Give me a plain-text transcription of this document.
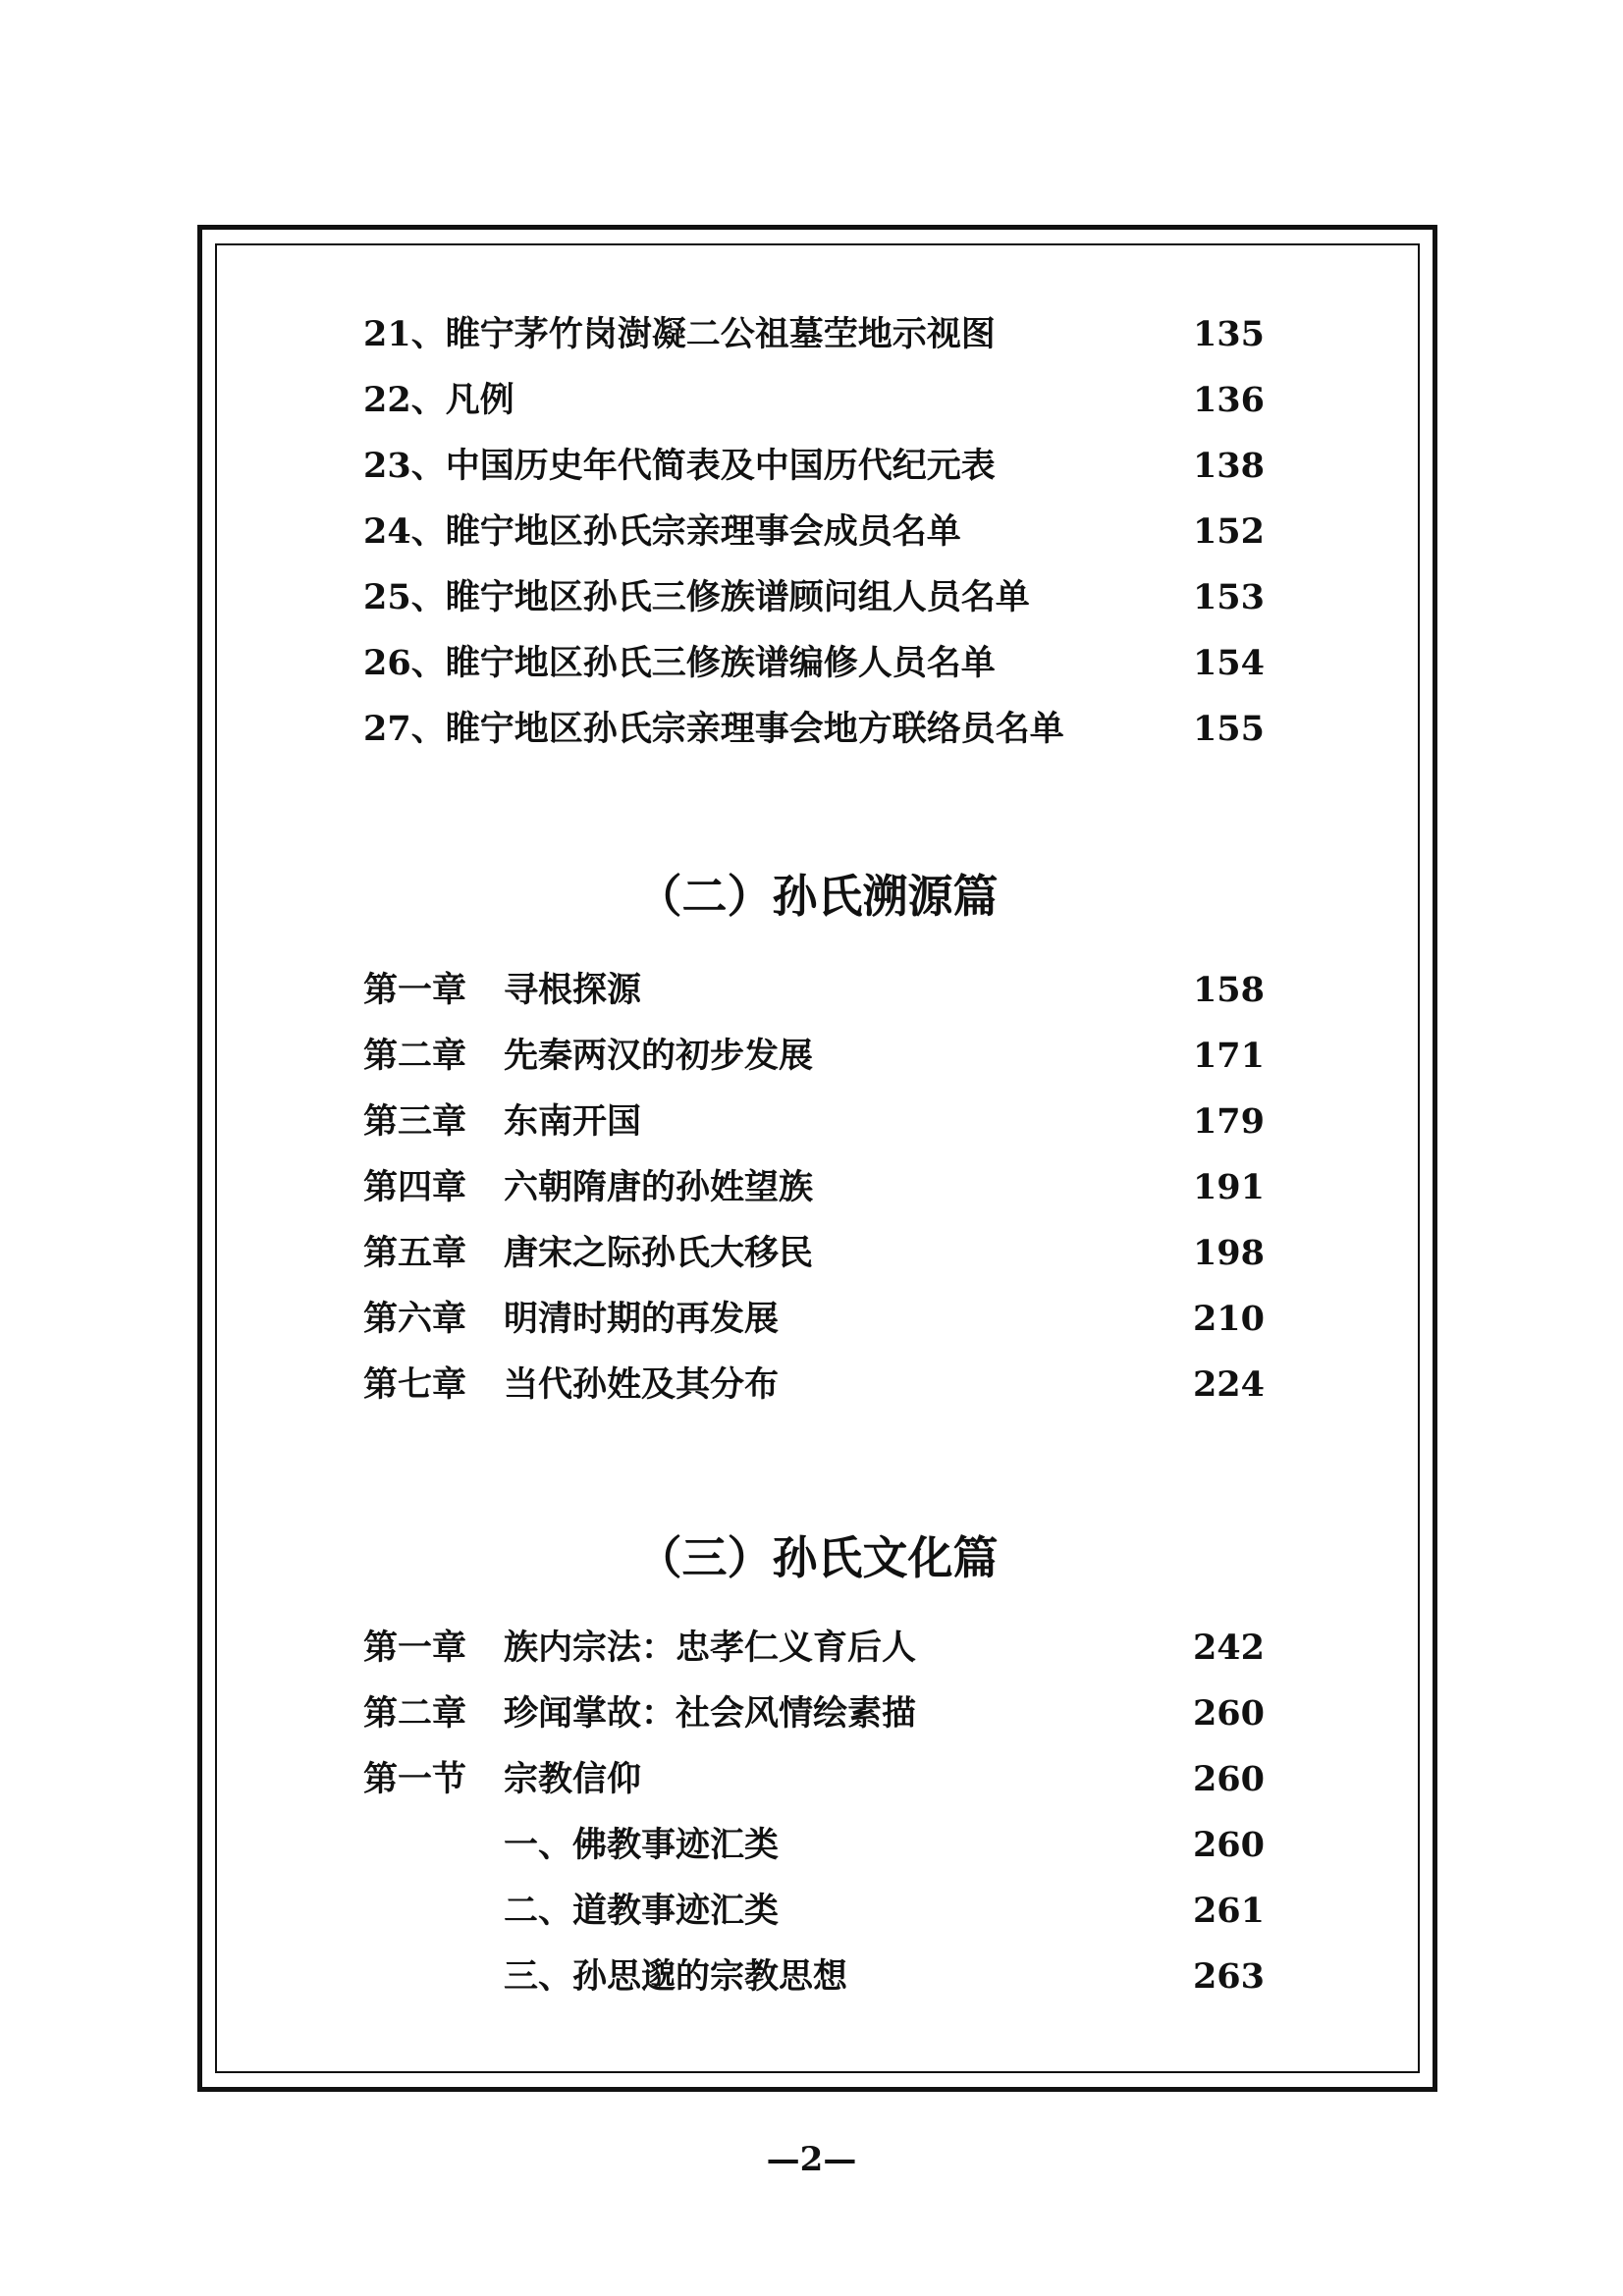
21、睢宁茅竹岗澍凝二公祖墓茔地示视图	135
22、凡例	136
23、中国历史年代简表及中国历代纪元表	138
24、睢宁地区孙氏宗亲理事会成员名单	152
25、睢宁地区孙氏三修族谱顾问组人员名单	153
26、睢宁地区孙氏三修族谱编修人员名单	154
27、睢宁地区孙氏宗亲理事会地方联络员名单	155
（二）孙氏溯源篇
第一章 寻根探源	158
第二章 先秦两汉的初步发展	171
第三章 东南开国	179
第四章 六朝隋唐的孙姓望族	191
第五章 唐宋之际孙氏大移民	198
第六章 明清时期的再发展	210
第七章 当代孙姓及其分布	224
（三）孙氏文化篇
第一章 族内宗法：忠孝仁义育后人	242
第二章 珍闻掌故：社会风情绘素描	260
第一节 宗教信仰	260
一、佛教事迹汇类	260
二、道教事迹汇类	261
三、孙思邈的宗教思想	263
—2—
